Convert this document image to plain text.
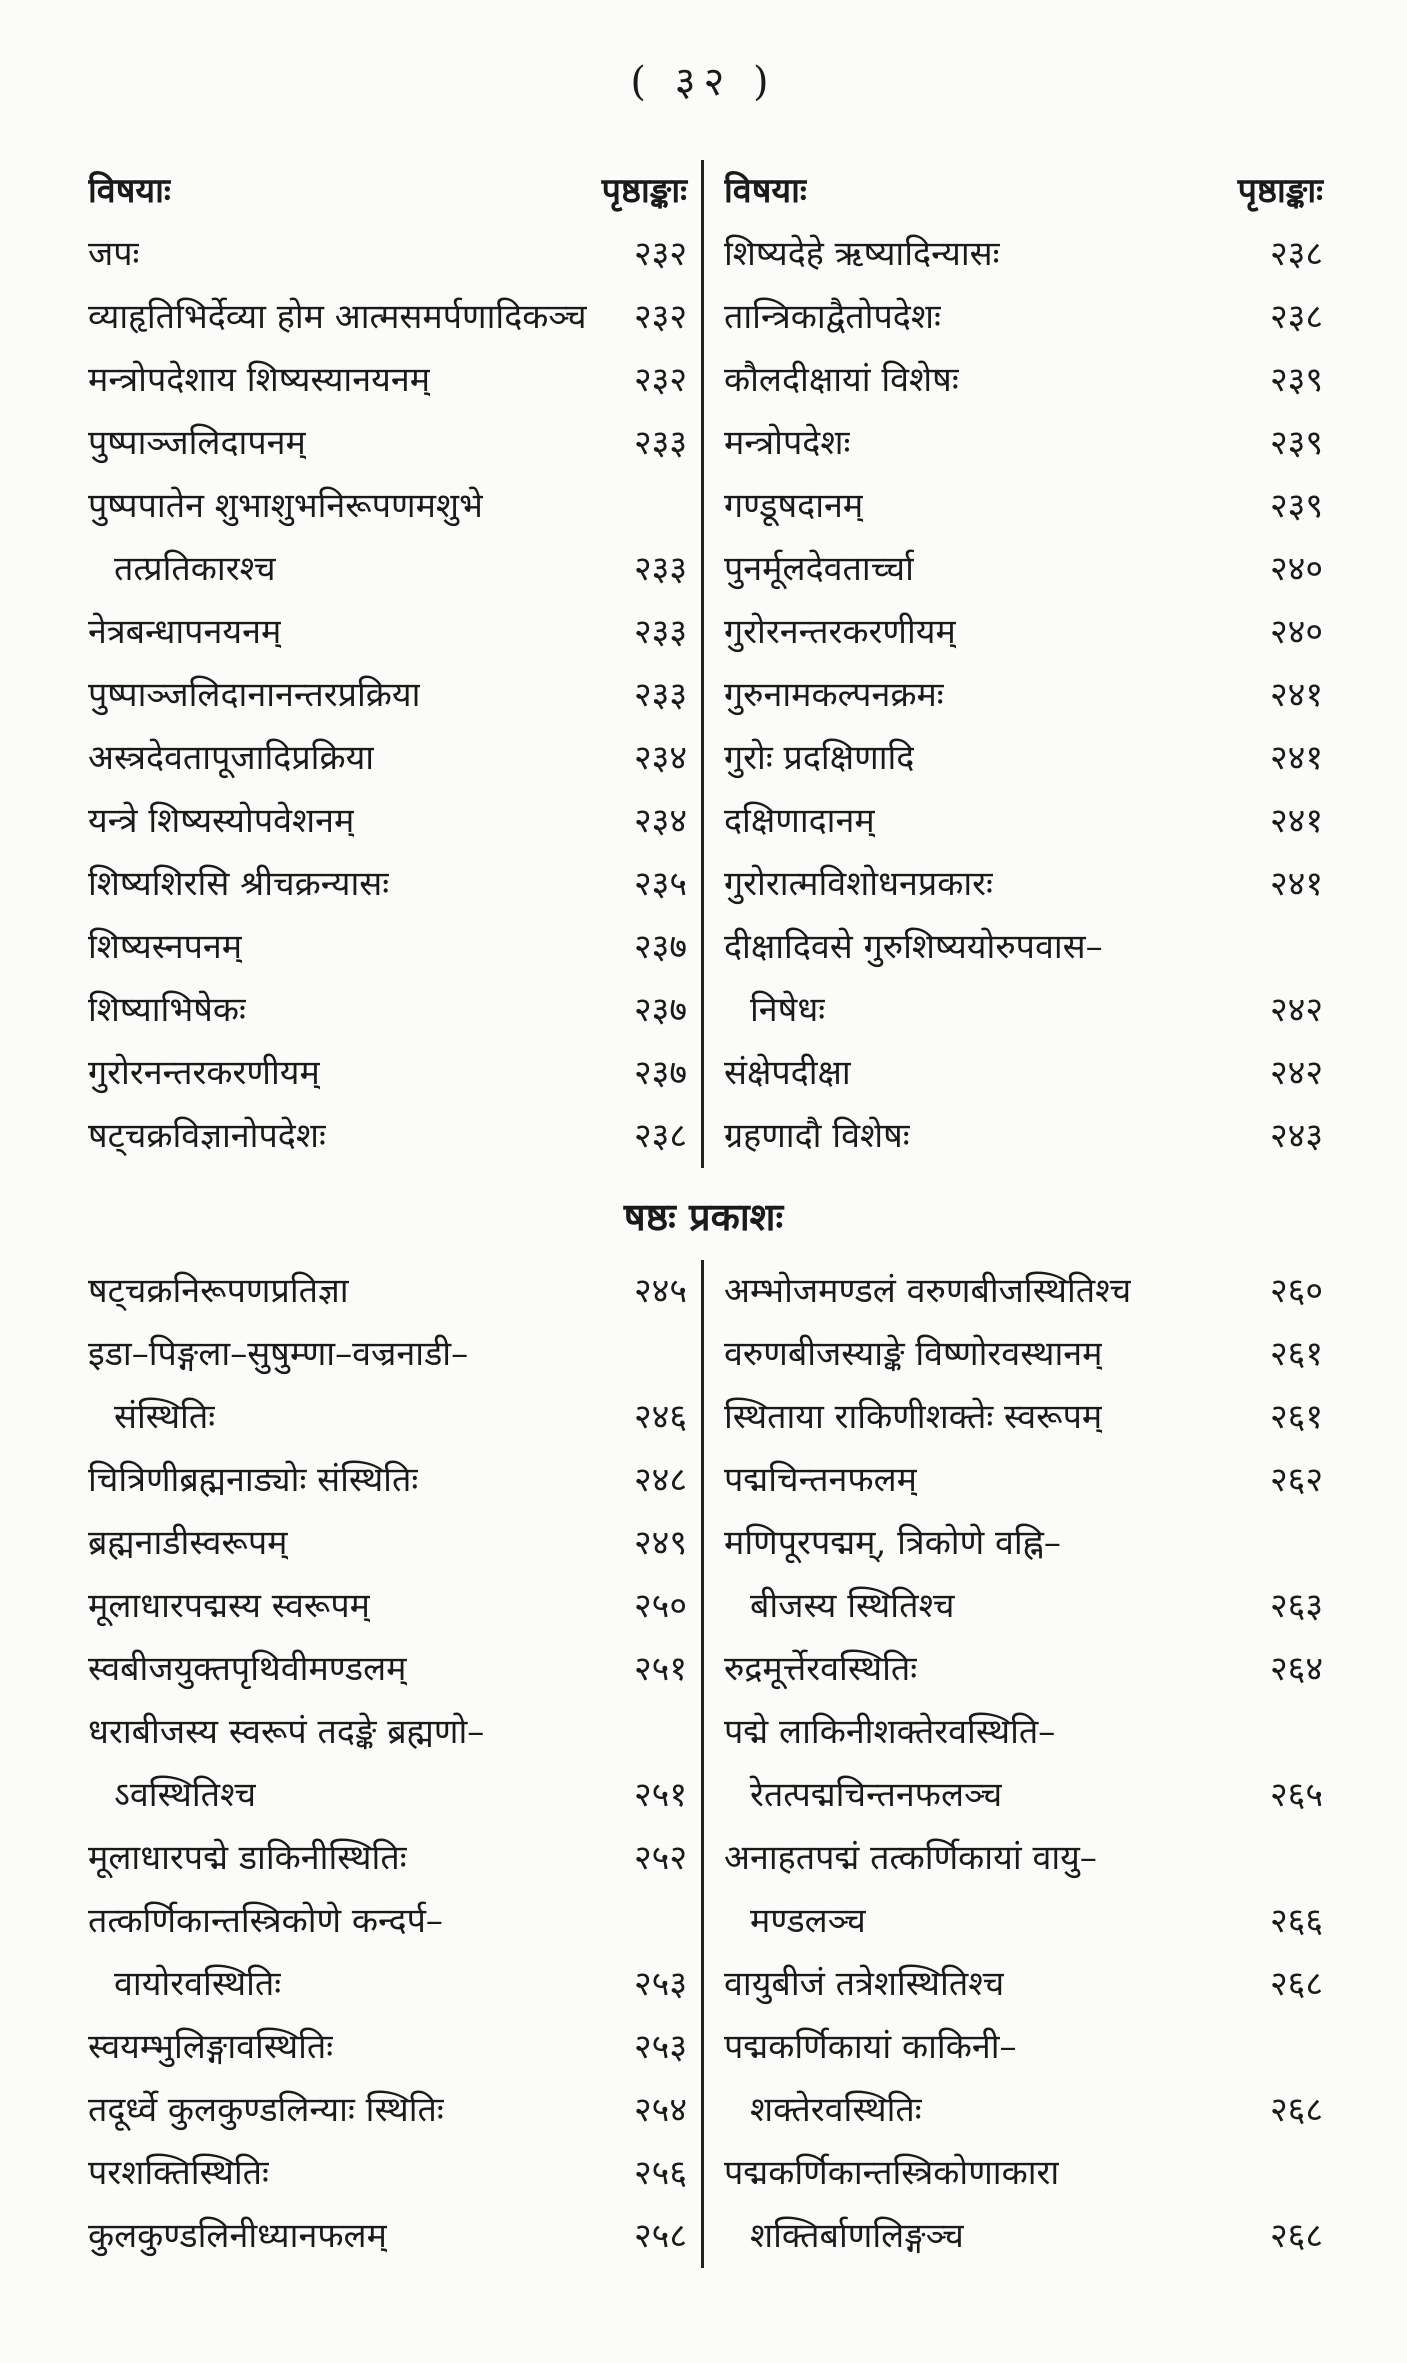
( ३२ )
विषयाः	पृष्ठाङ्काः
जपः	२३२
व्याहृतिभिर्देव्या होम आत्मसमर्पणादिकञ्च २३२
मन्त्रोपदेशाय शिष्यस्यानयनम्	२३२
पुष्पाञ्जलिदापनम्	२३३
पुष्पपातेन शुभाशुभनिरूपणमशुभे
तत्प्रतिकारश्च	२३३
नेत्रबन्धापनयनम्	२३३
पुष्पाञ्जलिदानानन्तरप्रक्रिया	२३३
अस्त्रदेवतापूजादिप्रक्रिया	२३४
यन्त्रे शिष्यस्योपवेशनम्	२३४
शिष्यशिरसि श्रीचक्रन्यासः	२३५
शिष्यस्नपनम्	२३७
शिष्याभिषेकः	२३७
गुरोरनन्तरकरणीयम्	२३७
षट्चक्रविज्ञानोपदेशः	२३८
विषयाः	पृष्ठाङ्काः
शिष्यदेहे ऋष्यादिन्यासः	२३८
तान्त्रिकाद्वैतोपदेशः	२३८
कौलदीक्षायां विशेषः	२३९
मन्त्रोपदेशः	२३९
गण्डूषदानम्	२३९
पुनर्मूलदेवतार्च्चा	२४०
गुरोरनन्तरकरणीयम्	२४०
गुरुनामकल्पनक्रमः	२४१
गुरोः प्रदक्षिणादि	२४१
दक्षिणादानम्	२४१
गुरोरात्मविशोधनप्रकारः	२४१
दीक्षादिवसे गुरुशिष्ययोरुपवास–
निषेधः	२४२
संक्षेपदीक्षा	२४२
ग्रहणादौ विशेषः	२४३
षष्ठः प्रकाशः
षट्चक्रनिरूपणप्रतिज्ञा	२४५
इडा–पिङ्गला–सुषुम्णा–वज्रनाडी–
संस्थितिः	२४६
चित्रिणीब्रह्मनाड्योः संस्थितिः	२४८
ब्रह्मनाडीस्वरूपम्	२४९
मूलाधारपद्मस्य स्वरूपम्	२५०
स्वबीजयुक्तपृथिवीमण्डलम्	२५१
धराबीजस्य स्वरूपं तदङ्के ब्रह्मणो–
ऽवस्थितिश्च	२५१
मूलाधारपद्मे डाकिनीस्थितिः	२५२
तत्कर्णिकान्तस्त्रिकोणे कन्दर्प–
वायोरवस्थितिः	२५३
स्वयम्भुलिङ्गावस्थितिः	२५३
तदूर्ध्वे कुलकुण्डलिन्याः स्थितिः	२५४
परशक्तिस्थितिः	२५६
कुलकुण्डलिनीध्यानफलम्	२५८
अम्भोजमण्डलं वरुणबीजस्थितिश्च	२६०
वरुणबीजस्याङ्के विष्णोरवस्थानम्	२६१
स्थिताया राकिणीशक्तेः स्वरूपम्	२६१
पद्मचिन्तनफलम्	२६२
मणिपूरपद्मम्, त्रिकोणे वह्नि–
बीजस्य स्थितिश्च	२६३
रुद्रमूर्त्तेरवस्थितिः	२६४
पद्मे लाकिनीशक्तेरवस्थिति–
रेतत्पद्मचिन्तनफलञ्च	२६५
अनाहतपद्मं तत्कर्णिकायां वायु–
मण्डलञ्च	२६६
वायुबीजं तत्रेशस्थितिश्च	२६८
पद्मकर्णिकायां काकिनी–
शक्तेरवस्थितिः	२६८
पद्मकर्णिकान्तस्त्रिकोणाकारा
शक्तिर्बाणलिङ्गञ्च	२६८
